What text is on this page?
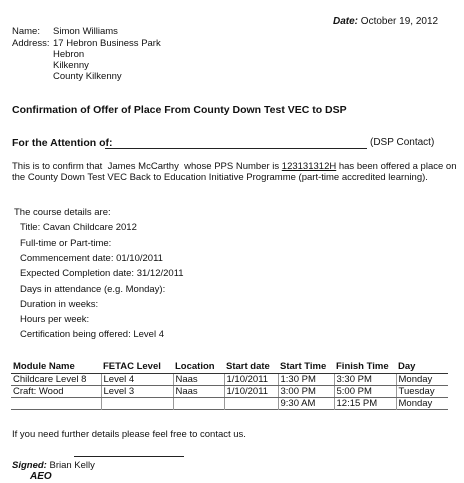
Date: October 19, 2012
Name:	Simon Williams
Address: 17 Hebron Business Park
Hebron
Kilkenny
County Kilkenny
Confirmation of Offer of Place From County Down Test VEC to DSP
For the Attention of:	(DSP Contact)
This is to confirm that James McCarthy whose PPS Number is 123131312H has been offered a place on the County Down Test VEC Back to Education Initiative Programme (part-time accredited learning).
The course details are:
Title: Cavan Childcare 2012
Full-time or Part-time:
Commencement date: 01/10/2011
Expected Completion date: 31/12/2011
Days in attendance (e.g. Monday):
Duration in weeks:
Hours per week:
Certification being offered: Level 4
Module Name	FETAC Level	Location	Start date	Start Time	Finish Time	Day
Childcare Level 8	Level 4	Naas	1/10/2011	1:30 PM	3:30 PM	Monday
Craft: Wood	Level 3	Naas	1/10/2011	3:00 PM	5:00 PM	Tuesday
				9:30 AM	12:15 PM	Monday
If you need further details please feel free to contact us.
Signed: Brian Kelly
AEO
